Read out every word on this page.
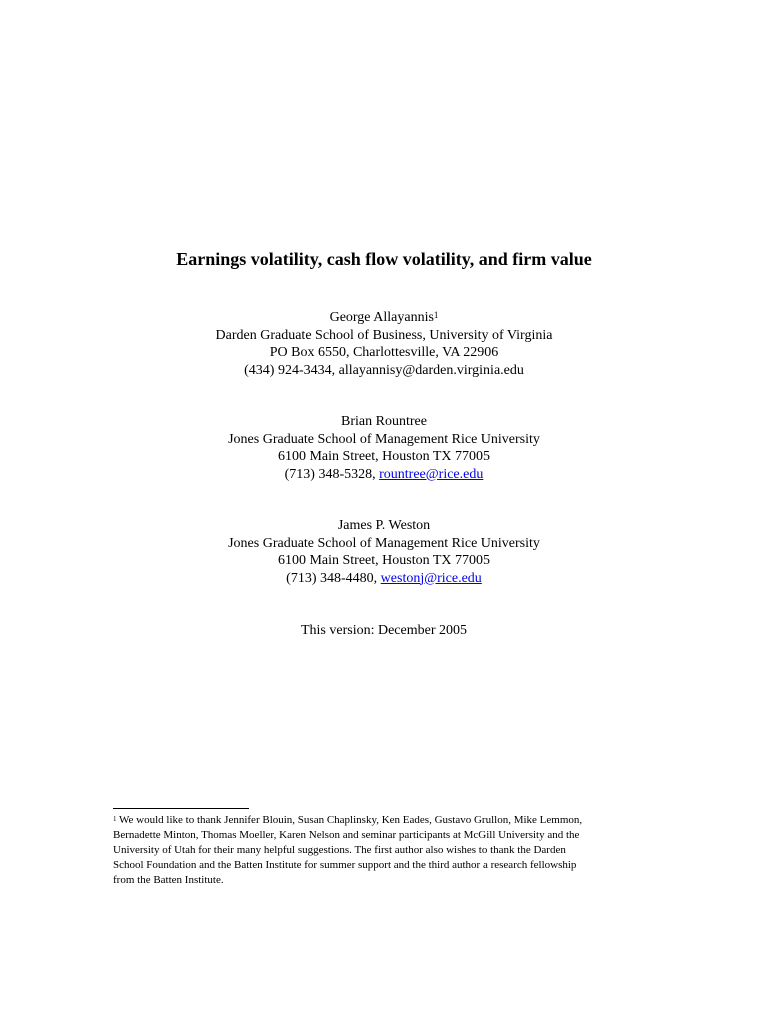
Earnings volatility, cash flow volatility, and firm value
George Allayannis$^1$
Darden Graduate School of Business, University of Virginia
PO Box 6550, Charlottesville, VA 22906
(434) 924-3434, allayannisy@darden.virginia.edu
Brian Rountree
Jones Graduate School of Management Rice University
6100 Main Street, Houston TX 77005
(713) 348-5328, rountree@rice.edu
James P. Weston
Jones Graduate School of Management Rice University
6100 Main Street, Houston TX 77005
(713) 348-4480, westonj@rice.edu
This version: December 2005
$^1$ We would like to thank Jennifer Blouin, Susan Chaplinsky, Ken Eades, Gustavo Grullon, Mike Lemmon,
Bernadette Minton, Thomas Moeller, Karen Nelson and seminar participants at McGill University and the
University of Utah for their many helpful suggestions. The first author also wishes to thank the Darden
School Foundation and the Batten Institute for summer support and the third author a research fellowship
from the Batten Institute.
